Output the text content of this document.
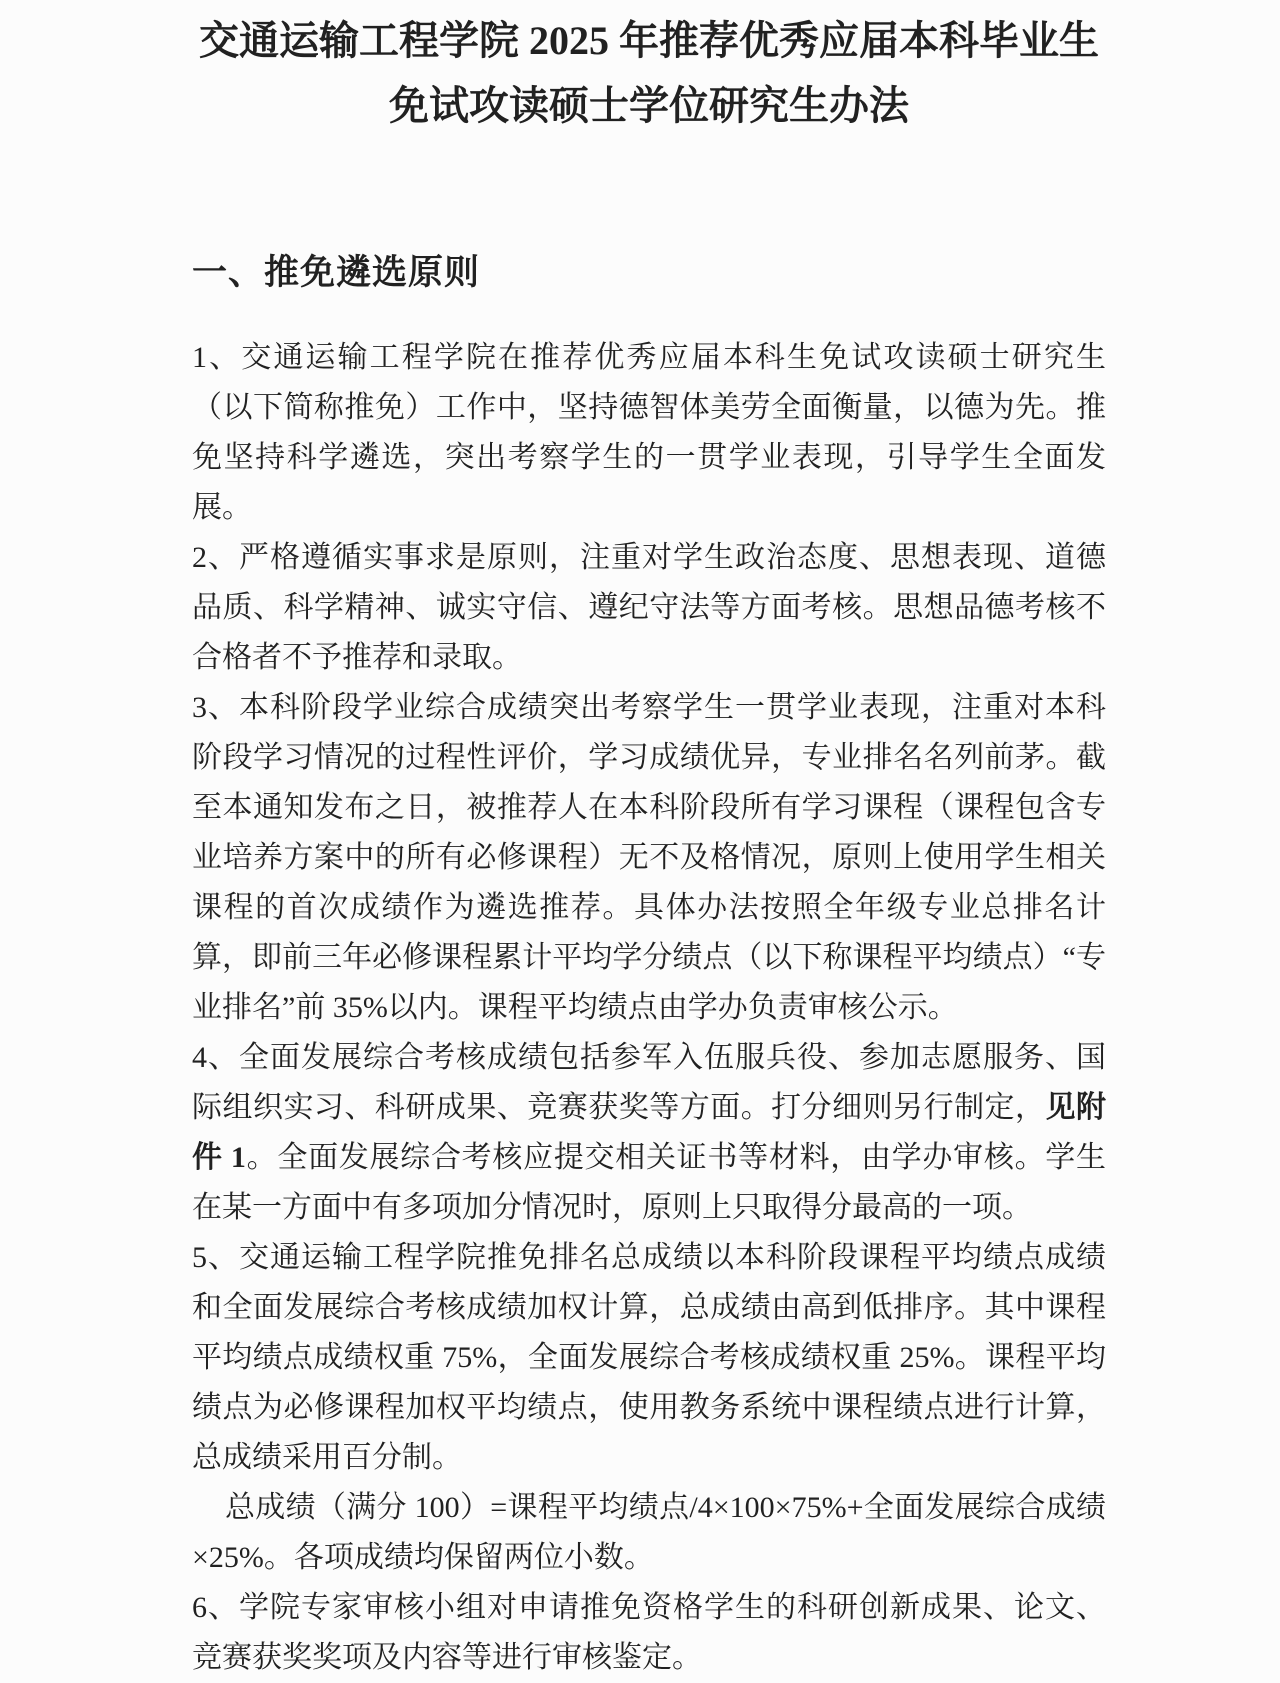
交通运输工程学院 2025 年推荐优秀应届本科毕业生
免试攻读硕士学位研究生办法
一、推免遴选原则

1、交通运输工程学院在推荐优秀应届本科生免试攻读硕士研究生（以下简称推免）工作中，坚持德智体美劳全面衡量，以德为先。推免坚持科学遴选，突出考察学生的一贯学业表现，引导学生全面发展。

2、严格遵循实事求是原则，注重对学生政治态度、思想表现、道德品质、科学精神、诚实守信、遵纪守法等方面考核。思想品德考核不合格者不予推荐和录取。

3、本科阶段学业综合成绩突出考察学生一贯学业表现，注重对本科阶段学习情况的过程性评价，学习成绩优异，专业排名名列前茅。截至本通知发布之日，被推荐人在本科阶段所有学习课程（课程包含专业培养方案中的所有必修课程）无不及格情况，原则上使用学生相关课程的首次成绩作为遴选推荐。具体办法按照全年级专业总排名计算，即前三年必修课程累计平均学分绩点（以下称课程平均绩点）“专业排名”前 35%以内。课程平均绩点由学办负责审核公示。

4、全面发展综合考核成绩包括参军入伍服兵役、参加志愿服务、国际组织实习、科研成果、竞赛获奖等方面。打分细则另行制定，见附件 1。全面发展综合考核应提交相关证书等材料，由学办审核。学生在某一方面中有多项加分情况时，原则上只取得分最高的一项。

5、交通运输工程学院推免排名总成绩以本科阶段课程平均绩点成绩和全面发展综合考核成绩加权计算，总成绩由高到低排序。其中课程平均绩点成绩权重 75%，全面发展综合考核成绩权重 25%。课程平均绩点为必修课程加权平均绩点，使用教务系统中课程绩点进行计算，总成绩采用百分制。

总成绩（满分 100）=课程平均绩点/4×100×75%+全面发展综合成绩×25%。各项成绩均保留两位小数。

6、学院专家审核小组对申请推免资格学生的科研创新成果、论文、竞赛获奖奖项及内容等进行审核鉴定。
